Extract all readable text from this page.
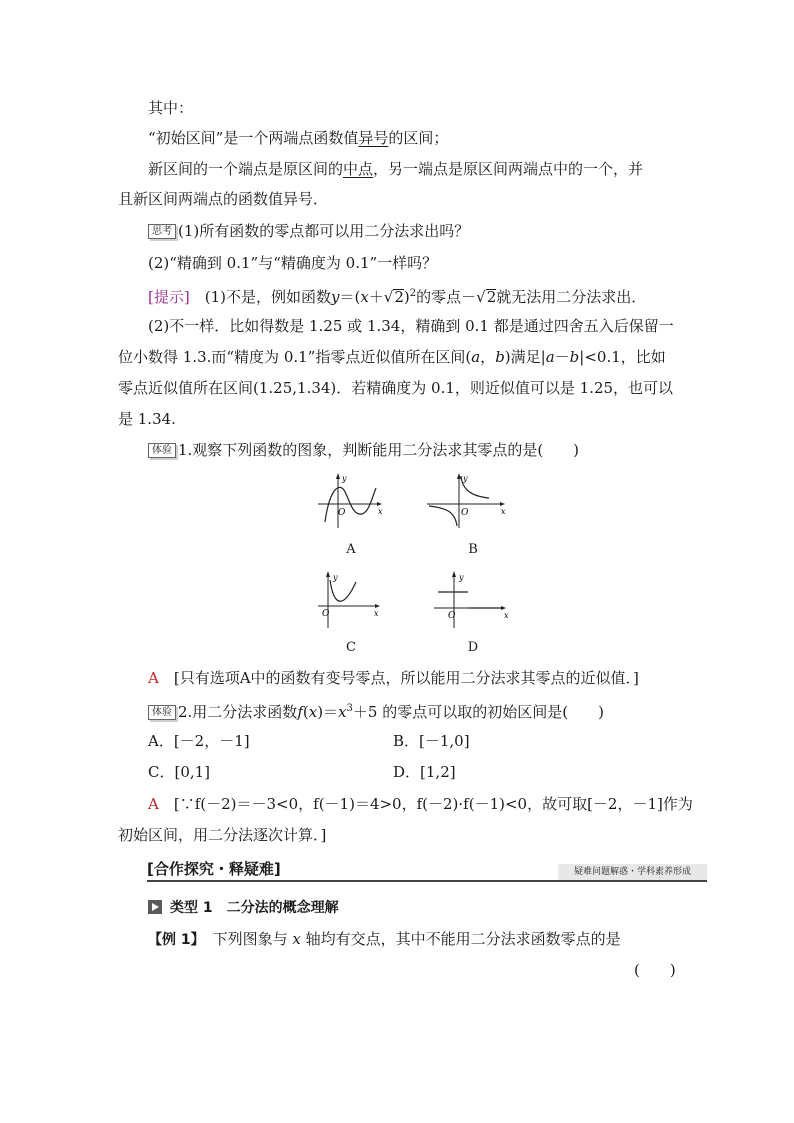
其中：
“初始区间”是一个两端点函数值异号的区间；
新区间的一个端点是原区间的中点，另一端点是原区间两端点中的一个，并
且新区间两端点的函数值异号．
思考 (1)所有函数的零点都可以用二分法求出吗？
(2)“精确到 0.1”与“精确度为 0.1”一样吗？
[提示]　(1)不是，例如函数$y=(x+√2)^2$的零点－√2就无法用二分法求出．
(2)不一样．比如得数是 1.25 或 1.34，精确到 0.1 都是通过四舍五入后保留一
位小数得 1.3.而“精度为 0.1”指零点近似值所在区间(a，b)满足|a－b|<0.1，比如
零点近似值所在区间(1.25,1.34)．若精确度为 0.1，则近似值可以是 1.25，也可以
是 1.34.
体验 1.观察下列函数的图象，判断能用二分法求其零点的是(　　)
y
x
O
A
y
x
O
B
y
x
O
C
y
x
O
D
A　[只有选项A中的函数有变号零点，所以能用二分法求其零点的近似值．]
体验 2.用二分法求函数$f(x)=x^3+5$ 的零点可以取的初始区间是(　　)
A．[－2，－1]	B．[－1,0]
C．[0,1]	D．[1,2]
A　[∵f(－2)＝－3<0，f(－1)＝4>0，f(－2)·f(－1)<0，故可取[－2，－1]作为
初始区间，用二分法逐次计算．]
[合作探究・释疑难]	疑难问题解惑・学科素养形成
类型 1　 二分法的概念理解
【例 1】　下列图象与 x 轴均有交点，其中不能用二分法求函数零点的是
(　　)
